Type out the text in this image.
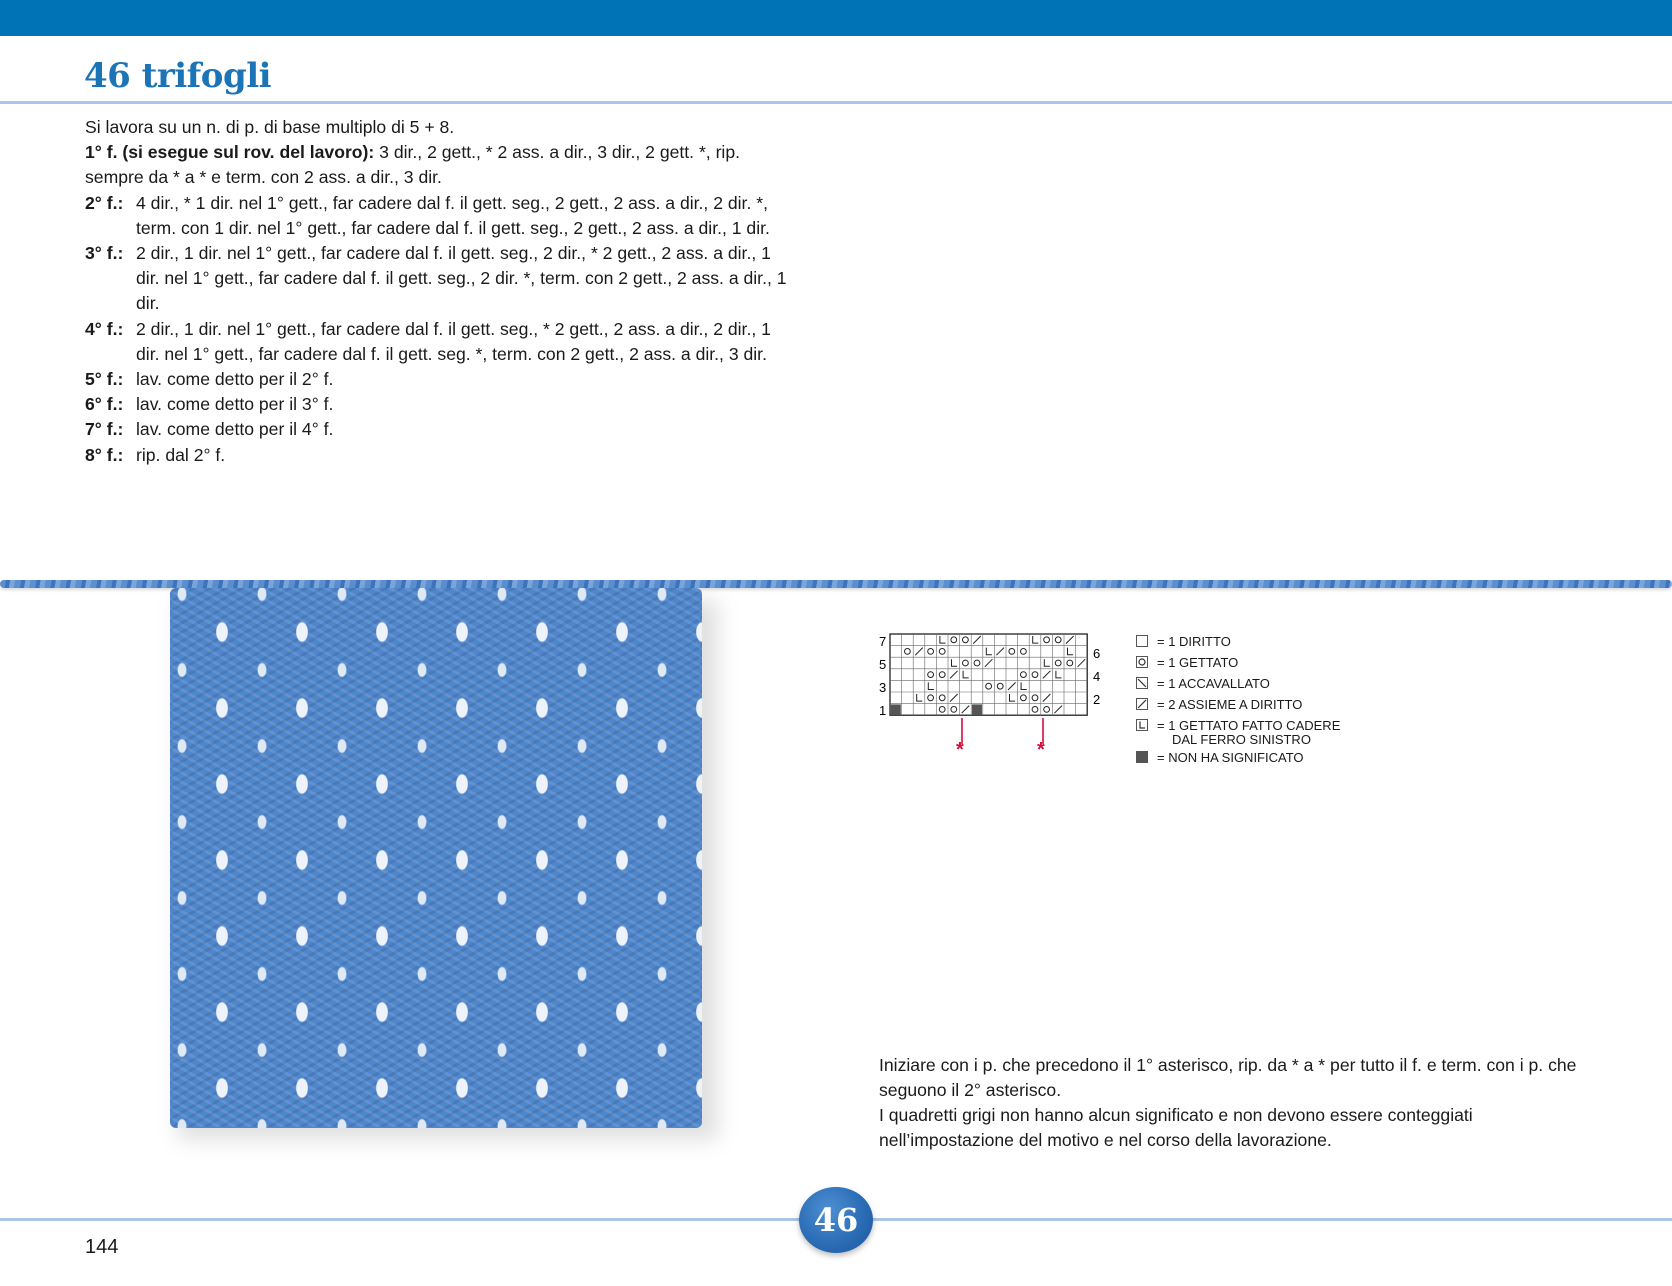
46 trifogli

Si lavora su un n. di p. di base multiplo di 5 + 8.

1° f. (si esegue sul rov. del lavoro): 3 dir., 2 gett., * 2 ass. a dir., 3 dir., 2 gett. *, rip. sempre da * a * e term. con 2 ass. a dir., 3 dir.

2° f.: 4 dir., * 1 dir. nel 1° gett., far cadere dal f. il gett. seg., 2 gett., 2 ass. a dir., 2 dir. *, term. con 1 dir. nel 1° gett., far cadere dal f. il gett. seg., 2 gett., 2 ass. a dir., 1 dir.

3° f.: 2 dir., 1 dir. nel 1° gett., far cadere dal f. il gett. seg., 2 dir., * 2 gett., 2 ass. a dir., 1 dir. nel 1° gett., far cadere dal f. il gett. seg., 2 dir. *, term. con 2 gett., 2 ass. a dir., 1 dir.

4° f.: 2 dir., 1 dir. nel 1° gett., far cadere dal f. il gett. seg., * 2 gett., 2 ass. a dir., 2 dir., 1 dir. nel 1° gett., far cadere dal f. il gett. seg. *, term. con 2 gett., 2 ass. a dir., 3 dir.

5° f.: lav. come detto per il 2° f.

6° f.: lav. come detto per il 3° f.

7° f.: lav. come detto per il 4° f.

8° f.: rip. dal 2° f.

7
5
3
1
6
4
2
*	*
= 1 DIRITTO
= 1 GETTATO
= 1 ACCAVALLATO
= 2 ASSIEME A DIRITTO
= 1 GETTATO FATTO CADERE
DAL FERRO SINISTRO
= NON HA SIGNIFICATO

Iniziare con i p. che precedono il 1° asterisco, rip. da * a * per tutto il f. e term. con i p. che seguono il 2° asterisco.
I quadretti grigi non hanno alcun significato e non devono essere conteggiati nell’impostazione del motivo e nel corso della lavorazione.

46
144
